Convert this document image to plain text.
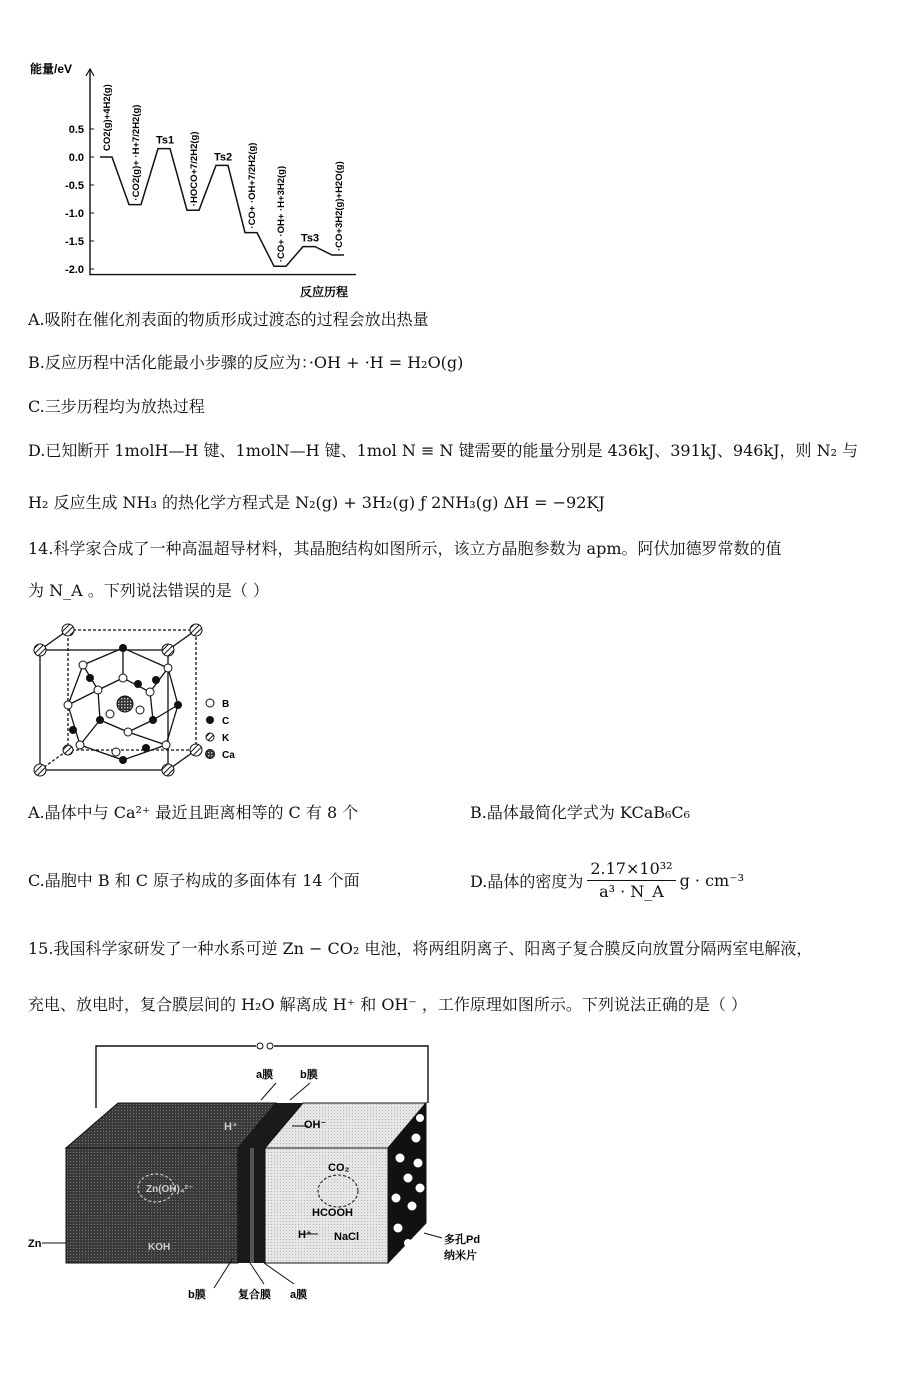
能量/eV
反应历程
0.5
0.0
-0.5
-1.0
-1.5
-2.0
CO2(g)+4H2(g) ·CO2(g)+ ·H+7/2H2(g) Ts1 ·HOCO+7/2H2(g) Ts2 ·CO+ ·OH+7/2H2(g) ·CO+ ·OH+ ·H+3H2(g) Ts3 ·CO+3H2(g)+H2O(g)
A.吸附在催化剂表面的物质形成过渡态的过程会放出热量
B.反应历程中活化能最小步骤的反应为：·OH + ·H = H₂O(g)
C.三步历程均为放热过程
D.已知断开 1molH—H 键、1molN—H 键、1mol N ≡ N 键需要的能量分别是 436kJ、391kJ、946kJ，则 N₂ 与
H₂ 反应生成 NH₃ 的热化学方程式是 N₂(g) + 3H₂(g) ƒ 2NH₃(g) ΔH = −92KJ
14.科学家合成了一种高温超导材料，其晶胞结构如图所示，该立方晶胞参数为 apm。阿伏加德罗常数的值
为 N_A 。下列说法错误的是（ ）
B
C
K
Ca
A.晶体中与 Ca²⁺ 最近且距离相等的 C 有 8 个	B.晶体最简化学式为 KCaB₆C₆
C.晶胞中 B 和 C 原子构成的多面体有 14 个面	D.晶体的密度为 $\frac{\text{2.17×10³²}}{\text{a³ · N\_A}}$ g · cm⁻³
15.我国科学家研发了一种水系可逆 Zn − CO₂ 电池，将两组阴离子、阳离子复合膜反向放置分隔两室电解液，
充电、放电时，复合膜层间的 H₂O 解离成 H⁺ 和 OH⁻ ，工作原理如图所示。下列说法正确的是（ ）
a膜 b膜
OH⁻
H⁺
CO₂
HCOOH
H⁺ NaCl
Zn
Zn(OH)₄²⁻
KOH
b膜	复合膜 a膜
多孔Pd
纳米片
